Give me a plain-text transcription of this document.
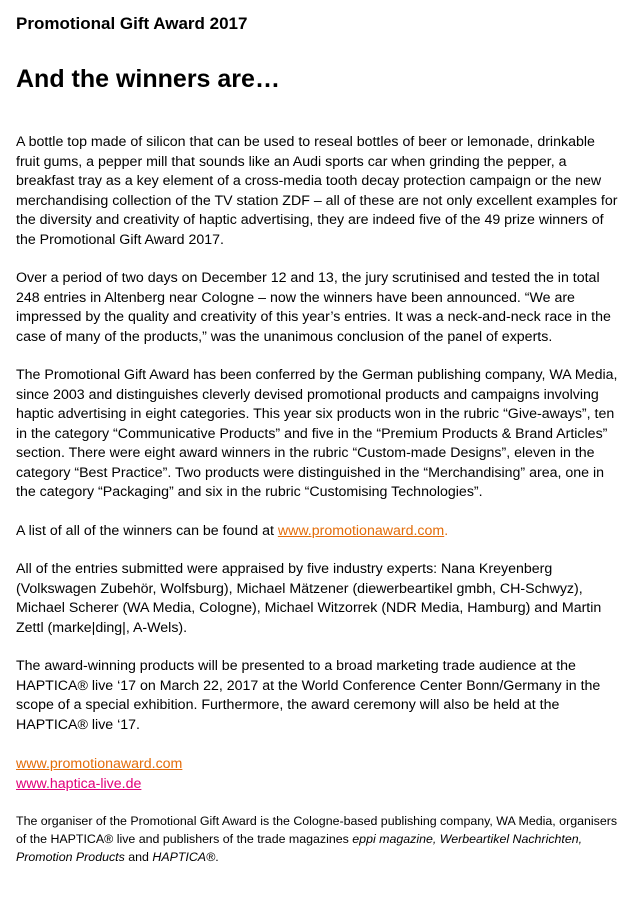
Promotional Gift Award 2017
And the winners are…

A bottle top made of silicon that can be used to reseal bottles of beer or lemonade, drinkable fruit gums, a pepper mill that sounds like an Audi sports car when grinding the pepper, a breakfast tray as a key element of a cross-media tooth decay protection campaign or the new merchandising collection of the TV station ZDF – all of these are not only excellent examples for the diversity and creativity of haptic advertising, they are indeed five of the 49 prize winners of the Promotional Gift Award 2017.

Over a period of two days on December 12 and 13, the jury scrutinised and tested the in total 248 entries in Altenberg near Cologne – now the winners have been announced. “We are impressed by the quality and creativity of this year’s entries. It was a neck-and-neck race in the case of many of the products,” was the unanimous conclusion of the panel of experts.

The Promotional Gift Award has been conferred by the German publishing company, WA Media, since 2003 and distinguishes cleverly devised promotional products and campaigns involving haptic advertising in eight categories. This year six products won in the rubric “Give-aways”, ten in the category “Communicative Products” and five in the “Premium Products & Brand Articles” section. There were eight award winners in the rubric “Custom-made Designs”, eleven in the category “Best Practice”. Two products were distinguished in the “Merchandising” area, one in the category “Packaging” and six in the rubric “Customising Technologies”.

A list of all of the winners can be found at www.promotionaward.com.

All of the entries submitted were appraised by five industry experts: Nana Kreyenberg (Volkswagen Zubehör, Wolfsburg), Michael Mätzener (diewerbeartikel gmbh, CH-Schwyz), Michael Scherer (WA Media, Cologne), Michael Witzorrek (NDR Media, Hamburg) and Martin Zettl (marke|ding|, A-Wels).

The award-winning products will be presented to a broad marketing trade audience at the HAPTICA® live ‘17 on March 22, 2017 at the World Conference Center Bonn/Germany in the scope of a special exhibition. Furthermore, the award ceremony will also be held at the HAPTICA® live ‘17.

www.promotionaward.com
www.haptica-live.de

The organiser of the Promotional Gift Award is the Cologne-based publishing company, WA Media, organisers of the HAPTICA® live and publishers of the trade magazines eppi magazine, Werbeartikel Nachrichten, Promotion Products and HAPTICA®.
